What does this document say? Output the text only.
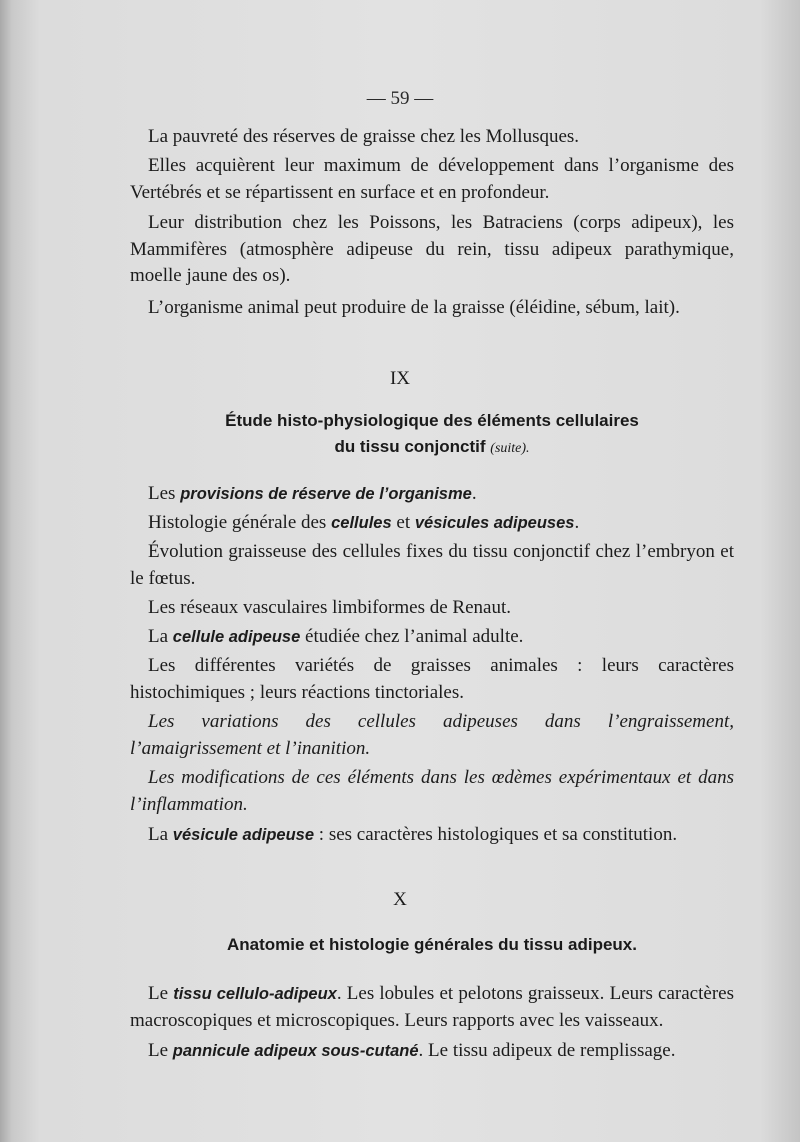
— 59 —
La pauvreté des réserves de graisse chez les Mollusques.
Elles acquièrent leur maximum de développement dans l’organisme des Vertébrés et se répartissent en surface et en profondeur.
Leur distribution chez les Poissons, les Batraciens (corps adipeux), les Mammifères (atmosphère adipeuse du rein, tissu adipeux parathymique, moelle jaune des os).
L’organisme animal peut produire de la graisse (éléidine, sébum, lait).
IX
Étude histo-physiologique des éléments cellulaires
du tissu conjonctif (suite).
Les provisions de réserve de l’organisme.
Histologie générale des cellules et vésicules adipeuses.
Évolution graisseuse des cellules fixes du tissu conjonctif chez l’embryon et le fœtus.
Les réseaux vasculaires limbiformes de Renaut.
La cellule adipeuse étudiée chez l’animal adulte.
Les différentes variétés de graisses animales : leurs caractères histochimiques ; leurs réactions tinctoriales.
Les variations des cellules adipeuses dans l’engraissement, l’amaigrissement et l’inanition.
Les modifications de ces éléments dans les œdèmes expérimentaux et dans l’inflammation.
La vésicule adipeuse : ses caractères histologiques et sa constitution.
X
Anatomie et histologie générales du tissu adipeux.
Le tissu cellulo-adipeux. Les lobules et pelotons graisseux. Leurs caractères macroscopiques et microscopiques. Leurs rapports avec les vaisseaux.
Le pannicule adipeux sous-cutané. Le tissu adipeux de remplissage.
